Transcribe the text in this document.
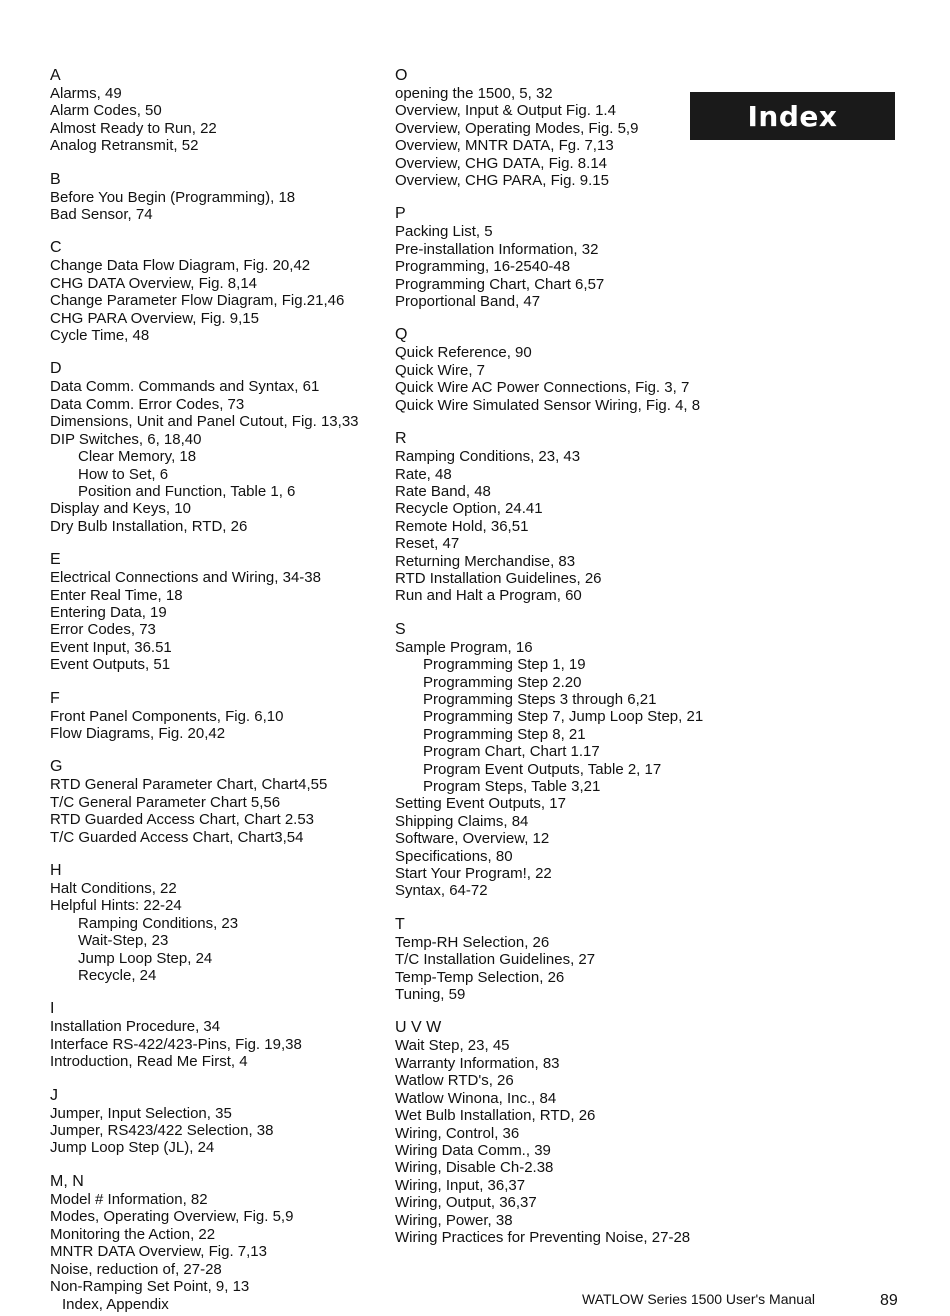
A
Alarms, 49
Alarm Codes, 50
Almost Ready to Run, 22
Analog Retransmit, 52
B
Before You Begin (Programming), 18
Bad Sensor, 74
C
Change Data Flow Diagram, Fig. 20,42
CHG DATA Overview, Fig. 8,14
Change Parameter Flow Diagram, Fig.21,46
CHG PARA Overview, Fig. 9,15
Cycle Time, 48
D
Data Comm. Commands and Syntax, 61
Data Comm. Error Codes, 73
Dimensions, Unit and Panel Cutout, Fig. 13,33
DIP Switches, 6, 18,40
Clear Memory, 18
How to Set, 6
Position and Function, Table 1, 6
Display and Keys, 10
Dry Bulb Installation, RTD, 26
E
Electrical Connections and Wiring, 34-38
Enter Real Time, 18
Entering Data, 19
Error Codes, 73
Event Input, 36.51
Event Outputs, 51
F
Front Panel Components, Fig. 6,10
Flow Diagrams, Fig. 20,42
G
RTD General Parameter Chart, Chart4,55
T/C General Parameter Chart 5,56
RTD Guarded Access Chart, Chart 2.53
T/C Guarded Access Chart, Chart3,54
H
Halt Conditions, 22
Helpful Hints: 22-24
Ramping Conditions, 23
Wait-Step, 23
Jump Loop Step, 24
Recycle, 24
I
Installation Procedure, 34
Interface RS-422/423-Pins, Fig. 19,38
Introduction, Read Me First, 4
J
Jumper, Input Selection, 35
Jumper, RS423/422 Selection, 38
Jump Loop Step (JL), 24
M, N
Model # Information, 82
Modes, Operating Overview, Fig. 5,9
Monitoring the Action, 22
MNTR DATA Overview, Fig. 7,13
Noise, reduction of, 27-28
Non-Ramping Set Point, 9, 13
O
opening the 1500, 5, 32
Overview, Input & Output Fig. 1.4
Overview, Operating Modes, Fig. 5,9
Overview, MNTR DATA, Fg. 7,13
Overview, CHG DATA, Fig. 8.14
Overview, CHG PARA, Fig. 9.15
P
Packing List, 5
Pre-installation Information, 32
Programming, 16-2540-48
Programming Chart, Chart 6,57
Proportional Band, 47
Q
Quick Reference, 90
Quick Wire, 7
Quick Wire AC Power Connections, Fig. 3, 7
Quick Wire Simulated Sensor Wiring, Fig. 4, 8
R
Ramping Conditions, 23, 43
Rate, 48
Rate Band, 48
Recycle Option, 24.41
Remote Hold, 36,51
Reset, 47
Returning Merchandise, 83
RTD Installation Guidelines, 26
Run and Halt a Program, 60
S
Sample Program, 16
Programming Step 1, 19
Programming Step 2.20
Programming Steps 3 through 6,21
Programming Step 7, Jump Loop Step, 21
Programming Step 8, 21
Program Chart, Chart 1.17
Program Event Outputs, Table 2, 17
Program Steps, Table 3,21
Setting Event Outputs, 17
Shipping Claims, 84
Software, Overview, 12
Specifications, 80
Start Your Program!, 22
Syntax, 64-72
T
Temp-RH Selection, 26
T/C Installation Guidelines, 27
Temp-Temp Selection, 26
Tuning, 59
U V W
Wait Step, 23, 45
Warranty Information, 83
Watlow RTD's, 26
Watlow Winona, Inc., 84
Wet Bulb Installation, RTD, 26
Wiring, Control, 36
Wiring Data Comm., 39
Wiring, Disable Ch-2.38
Wiring, Input, 36,37
Wiring, Output, 36,37
Wiring, Power, 38
Wiring Practices for Preventing Noise, 27-28
Index
Index, Appendix	WATLOW Series 1500 User's Manual	89
